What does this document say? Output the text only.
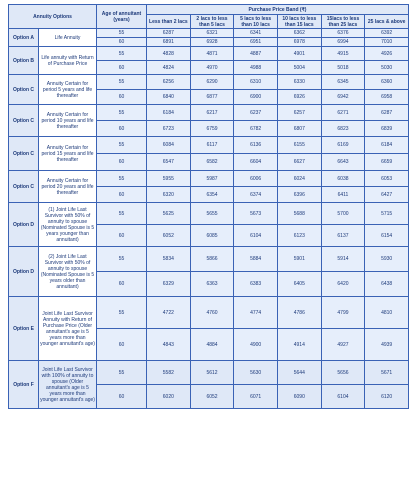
Annuity Options		Age of annuitant (years)	Purchase Price Band (₹)					
			Less than 2 lacs	2 lacs to less than 5 lacs	5 lacs to less than 10 lacs	10 lacs to less than 15 lacs	15lacs to less than 25 lacs	25 lacs & above
Option A	Life Annuity	55	6287	6321	6341	6362	6376	6392
		60	6891	6928	6951	6978	6994	7010
Option B	Life annuity with Return of Purchase Price	55	4828	4871	4887	4901	4915	4926
		60	4824	4970	4988	5004	5018	5030
Option C	Annuity Certain for period 5 years and life thereafter	55	6256	6290	6310	6330	6345	6360
		60	6840	6877	6900	6926	6942	6958
Option C	Annuity Certain for period 10 years and life thereafter	55	6184	6217	6237	6257	6271	6287
		60	6723	6759	6782	6807	6823	6839
Option C	Annuity Certain for period 15 years and life thereafter	55	6084	6117	6136	6155	6169	6184
		60	6547	6582	6604	6627	6643	6659
Option C	Annuity Certain for period 20 years and life thereafter	55	5955	5987	6006	6024	6038	6053
		60	6320	6354	6374	6396	6411	6427
Option D	(1) Joint Life Last Survivor with 50% of annuity to spouse (Nominated Spouse is 5 years younger than annuitant)	55	5625	5655	5673	5688	5700	5715
		60	6052	6085	6104	6123	6137	6154
Option D	(2) Joint Life Last Survivor with 50% of annuity to spouse (Nominated Spouse is 5 years older than annuitant)	55	5834	5866	5884	5901	5914	5930
		60	6329	6363	6383	6405	6420	6438
Option E	Joint Life Last Survivor Annuity with Return of Purchase Price (Older annuitant's age is 5 years more than younger annuitant's age)	55	4722	4760	4774	4786	4799	4810
		60	4843	4884	4900	4914	4927	4939
Option F	Joint Life Last Survivor with 100% of annuity to spouse (Older annuitant's age is 5 years more than younger annuitant's age)	55	5582	5612	5630	5644	5656	5671
		60	6020	6052	6071	6090	6104	6120
